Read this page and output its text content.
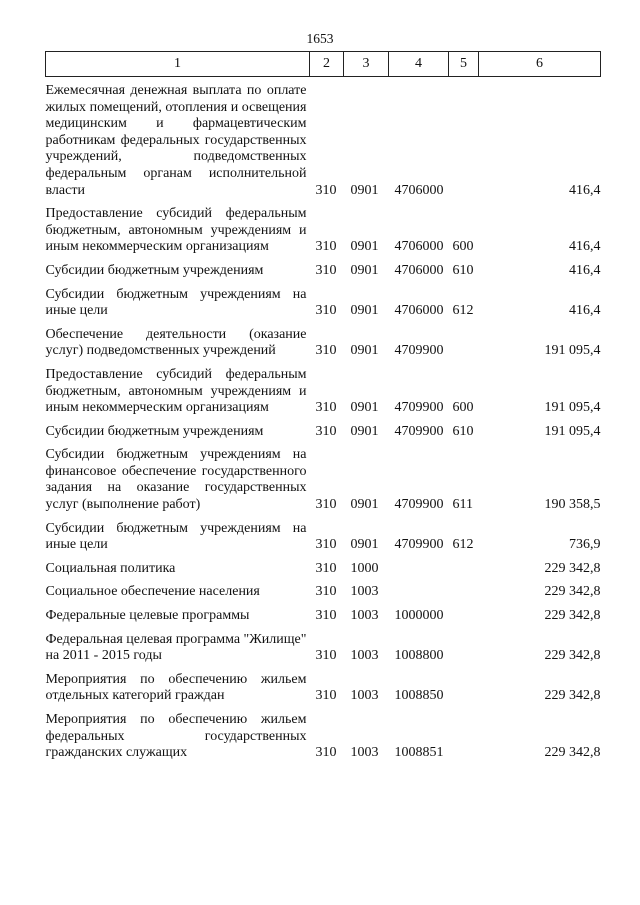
1653
1	2	3	4	5	6
Ежемесячная денежная выплата по оплате жилых помещений, отопления и освещения медицинским и фармацевтическим работникам федеральных государственных учреждений, подведомственных федеральным органам исполнительной власти	310	0901	4706000		416,4

Предоставление субсидий федеральным бюджетным, автономным учреждениям и иным некоммерческим организациям	310	0901	4706000	600	416,4

Субсидии бюджетным учреждениям	310	0901	4706000	610	416,4

Субсидии бюджетным учреждениям на иные цели	310	0901	4706000	612	416,4

Обеспечение деятельности (оказание услуг) подведомственных учреждений	310	0901	4709900		191 095,4

Предоставление субсидий федеральным бюджетным, автономным учреждениям и иным некоммерческим организациям	310	0901	4709900	600	191 095,4

Субсидии бюджетным учреждениям	310	0901	4709900	610	191 095,4

Субсидии бюджетным учреждениям на финансовое обеспечение государственного задания на оказание государственных услуг (выполнение работ)	310	0901	4709900	611	190 358,5

Субсидии бюджетным учреждениям на иные цели	310	0901	4709900	612	736,9

Социальная политика	310	1000			229 342,8

Социальное обеспечение населения	310	1003			229 342,8

Федеральные целевые программы	310	1003	1000000		229 342,8

Федеральная целевая программа "Жилище" на 2011 - 2015 годы	310	1003	1008800		229 342,8

Мероприятия по обеспечению жильем отдельных категорий граждан	310	1003	1008850		229 342,8

Мероприятия по обеспечению жильем федеральных государственных гражданских служащих	310	1003	1008851		229 342,8
